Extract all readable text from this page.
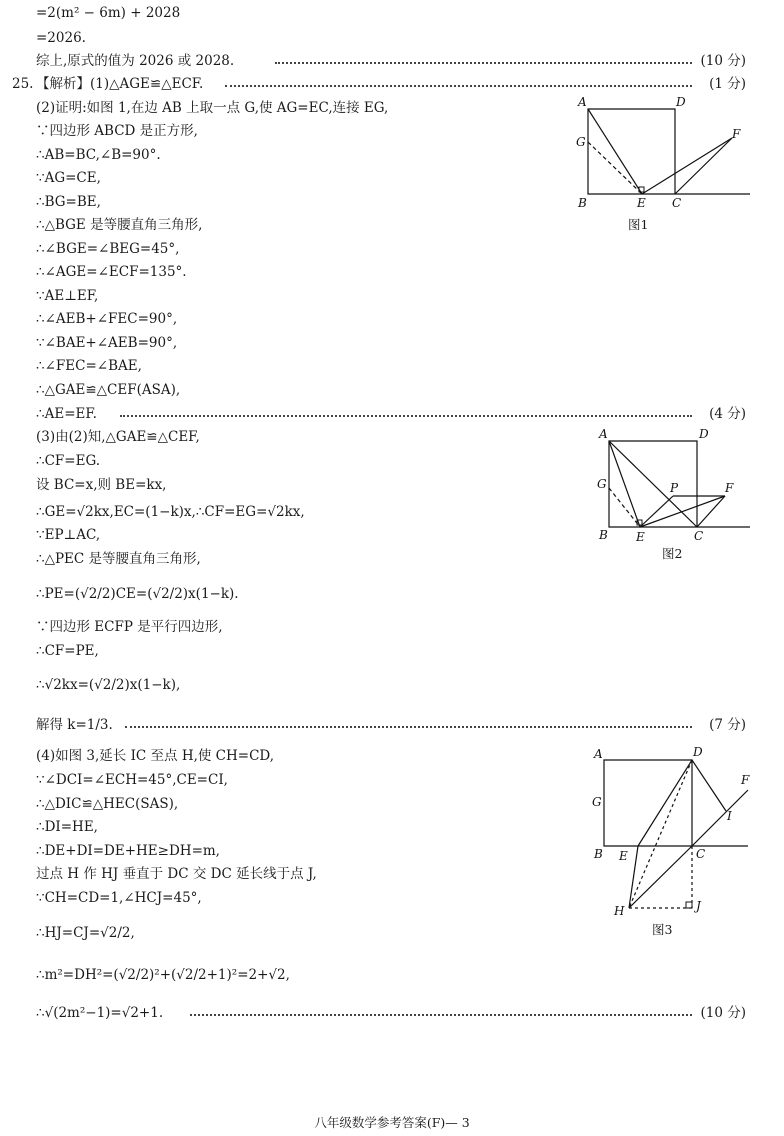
=2(m² − 6m) + 2028
=2026.
综上,原式的值为 2026 或 2028.	(10 分)
25. 【解析】(1)△AGE≌△ECF.	(1 分)
(2)证明:如图 1,在边 AB 上取一点 G,使 AG=EC,连接 EG,
∵四边形 ABCD 是正方形,
∴AB=BC,∠B=90°.
∵AG=CE,
∴BG=BE,
∴△BGE 是等腰直角三角形,
∴∠BGE=∠BEG=45°,
∴∠AGE=∠ECF=135°.
∵AE⊥EF,
∴∠AEB+∠FEC=90°,
∵∠BAE+∠AEB=90°,
∴∠FEC=∠BAE,
∴△GAE≌△CEF(ASA),
∴AE=EF.	(4 分)
(3)由(2)知,△GAE≌△CEF,
∴CF=EG.
设 BC=x,则 BE=kx,
∴GE=√2kx,EC=(1−k)x,∴CF=EG=√2kx,
∵EP⊥AC,
∴△PEC 是等腰直角三角形,
∴PE=(√2/2)CE=(√2/2)x(1−k).
∵四边形 ECFP 是平行四边形,
∴CF=PE,
∴√2kx=(√2/2)x(1−k),
解得 k=1/3.	(7 分)
(4)如图 3,延长 IC 至点 H,使 CH=CD,
∵∠DCI=∠ECH=45°,CE=CI,
∴△DIC≌△HEC(SAS),
∴DI=HE,
∴DE+DI=DE+HE≥DH=m,
过点 H 作 HJ 垂直于 DC 交 DC 延长线于点 J,
∵CH=CD=1,∠HCJ=45°,
∴HJ=CJ=√2/2,
∴m²=DH²=(√2/2)²+(√2/2+1)²=2+√2,
∴√(2m²−1)=√2+1.	(10 分)
A	D
G
F
B	E C
图1
A	D
G	P	F
B E	C
图2
A	D
G
F
I
B E	C
H	J
图3
八年级数学参考答案(F)— 3
